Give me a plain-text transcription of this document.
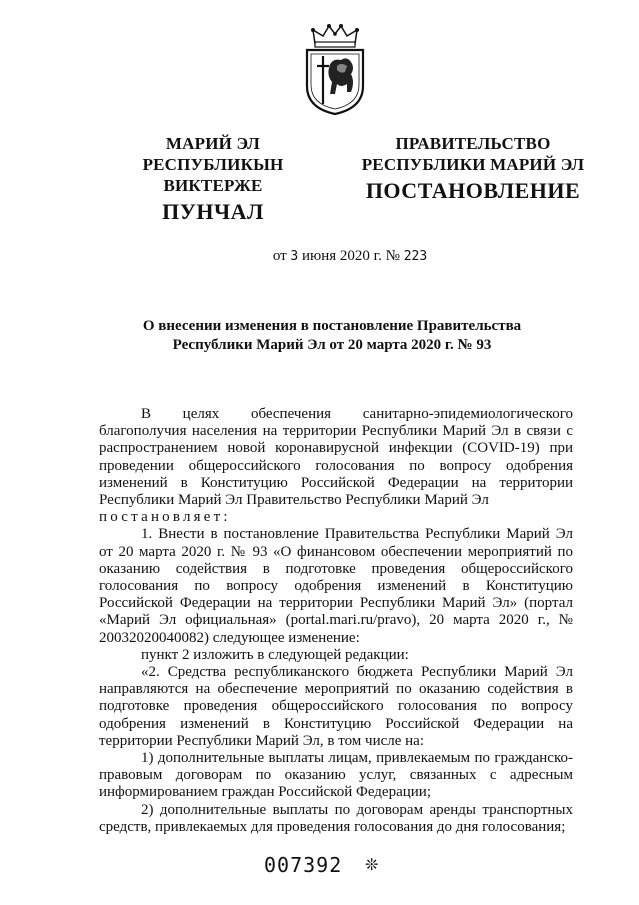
МАРИЙ ЭЛ РЕСПУБЛИКЫН
ВИКТЕРЖЕ
ПУНЧАЛ
ПРАВИТЕЛЬСТВО
РЕСПУБЛИКИ МАРИЙ ЭЛ
ПОСТАНОВЛЕНИЕ
от 3 июня 2020 г. № 223
О внесении изменения в постановление Правительства
Республики Марий Эл от 20 марта 2020 г. № 93

В целях обеспечения санитарно-эпидемиологического благополучия населения на территории Республики Марий Эл в связи с распространением новой коронавирусной инфекции (COVID-19) при проведении общероссийского голосования по вопросу одобрения изменений в Конституцию Российской Федерации на территории Республики Марий Эл Правительство Республики Марий Эл

постановляет:

1. Внести в постановление Правительства Республики Марий Эл от 20 марта 2020 г. № 93 «О финансовом обеспечении мероприятий по оказанию содействия в подготовке проведения общероссийского голосования по вопросу одобрения изменений в Конституцию Российской Федерации на территории Республики Марий Эл» (портал «Марий Эл официальная» (portal.mari.ru/pravo), 20 марта 2020 г., № 20032020040082) следующее изменение:

пункт 2 изложить в следующей редакции:

«2. Средства республиканского бюджета Республики Марий Эл направляются на обеспечение мероприятий по оказанию содействия в подготовке проведения общероссийского голосования по вопросу одобрения изменений в Конституцию Российской Федерации на территории Республики Марий Эл, в том числе на:

1) дополнительные выплаты лицам, привлекаемым по гражданско-правовым договорам по оказанию услуг, связанных с адресным информированием граждан Российской Федерации;

2) дополнительные выплаты по договорам аренды транспортных средств, привлекаемых для проведения голосования до дня голосования;

007392 ❊
